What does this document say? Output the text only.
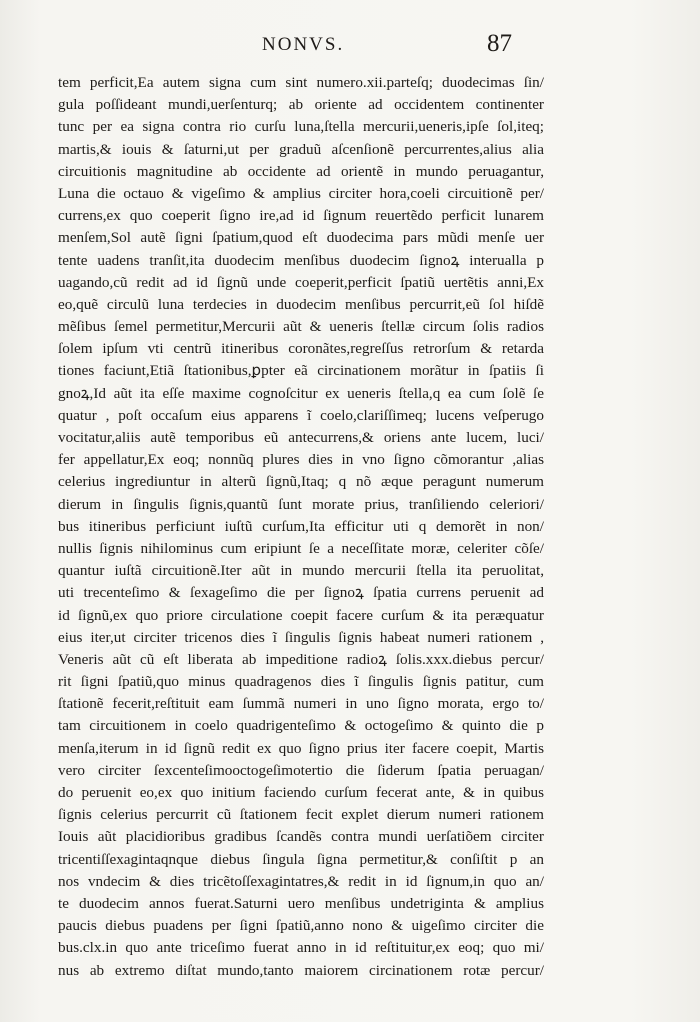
NONVS.	87
tem perficit,Ea autem signa cum sint numero.xii.parteſq; duodecimas ſin/
gula poſſideant mundi,uerſenturq; ab oriente ad occidentem continenter
tunc per ea signa contra rio curſu luna,ſtella mercurii,ueneris,ipſe ſol,iteq;
martis,& iouis & ſaturni,ut per graduũ aſcenſionẽ percurrentes,alius alia
circuitionis magnitudine ab occidente ad orientẽ in mundo peruagantur,
Luna die octauo & vigeſimo & amplius circiter hora,coeli circuitionẽ per/
currens,ex quo coeperit ſigno ire,ad id ſignum reuertẽdo perficit lunarem
menſem,Sol autẽ ſigni ſpatium,quod eſt duodecima pars mũdi menſe uer
tente uadens tranſit,ita duodecim menſibus duodecim ſignoꝝ interualla p
uagando,cũ redit ad id ſignũ unde coeperit,perficit ſpatiũ uertẽtis anni,Ex
eo,quẽ circulũ luna terdecies in duodecim menſibus percurrit,eũ ſol hiſdẽ
mẽſibus ſemel permetitur,Mercurii aũt & ueneris ſtellæ circum ſolis radios
ſolem ipſum vti centrũ itineribus coronãtes,regreſſus retrorſum & retarda
tiones faciunt,Etiã ſtationibus,ꝑpter eã circinationem morãtur in ſpatiis ſi
gnoꝝ,Id aũt ita eſſe maxime cognoſcitur ex ueneris ſtella,q ea cum ſolẽ ſe
quatur , poſt occaſum eius apparens ĩ coelo,clariſſimeq; lucens veſperugo
vocitatur,aliis autẽ temporibus eũ antecurrens,& oriens ante lucem, luci/
fer appellatur,Ex eoq; nonnũq plures dies in vno ſigno cõmorantur ,alias
celerius ingrediuntur in alterũ ſignũ,Itaq; q nõ æque peragunt numerum
dierum in ſingulis ſignis,quantũ ſunt morate prius, tranſiliendo celeriori/
bus itineribus perficiunt iuſtũ curſum,Ita efficitur uti q demorẽt in non/
nullis ſignis nihilominus cum eripiunt ſe a neceſſitate moræ, celeriter cõſe/
quantur iuſtã circuitionẽ.Iter aũt in mundo mercurii ſtella ita peruolitat,
uti trecenteſimo & ſexageſimo die per ſignoꝝ ſpatia currens peruenit ad
id ſignũ,ex quo priore circulatione coepit facere curſum & ita peræquatur
eius iter,ut circiter tricenos dies ĩ ſingulis ſignis habeat numeri rationem ,
Veneris aũt cũ eſt liberata ab impeditione radioꝝ ſolis.xxx.diebus percur/
rit ſigni ſpatiũ,quo minus quadragenos dies ĩ ſingulis ſignis patitur, cum
ſtationẽ fecerit,reſtituit eam ſummã numeri in uno ſigno morata, ergo to/
tam circuitionem in coelo quadrigenteſimo & octogeſimo & quinto die p
menſa,iterum in id ſignũ redit ex quo ſigno prius iter facere coepit, Martis
vero circiter ſexcenteſimooctogeſimotertio die ſiderum ſpatia peruagan/
do peruenit eo,ex quo initium faciendo curſum fecerat ante, & in quibus
ſignis celerius percurrit cũ ſtationem fecit explet dierum numeri rationem
Iouis aũt placidioribus gradibus ſcandẽs contra mundi uerſatiõem circiter
tricentiſſexagintaqnque diebus ſingula ſigna permetitur,& conſiſtit p an
nos vndecim & dies tricẽtoſſexagintatres,& redit in id ſignum,in quo an/
te duodecim annos fuerat.Saturni uero menſibus undetriginta & amplius
paucis diebus puadens per ſigni ſpatiũ,anno nono & uigeſimo circiter die
bus.clx.in quo ante triceſimo fuerat anno in id reſtituitur,ex eoq; quo mi/
nus ab extremo diſtat mundo,tanto maiorem circinationem rotæ percur/
